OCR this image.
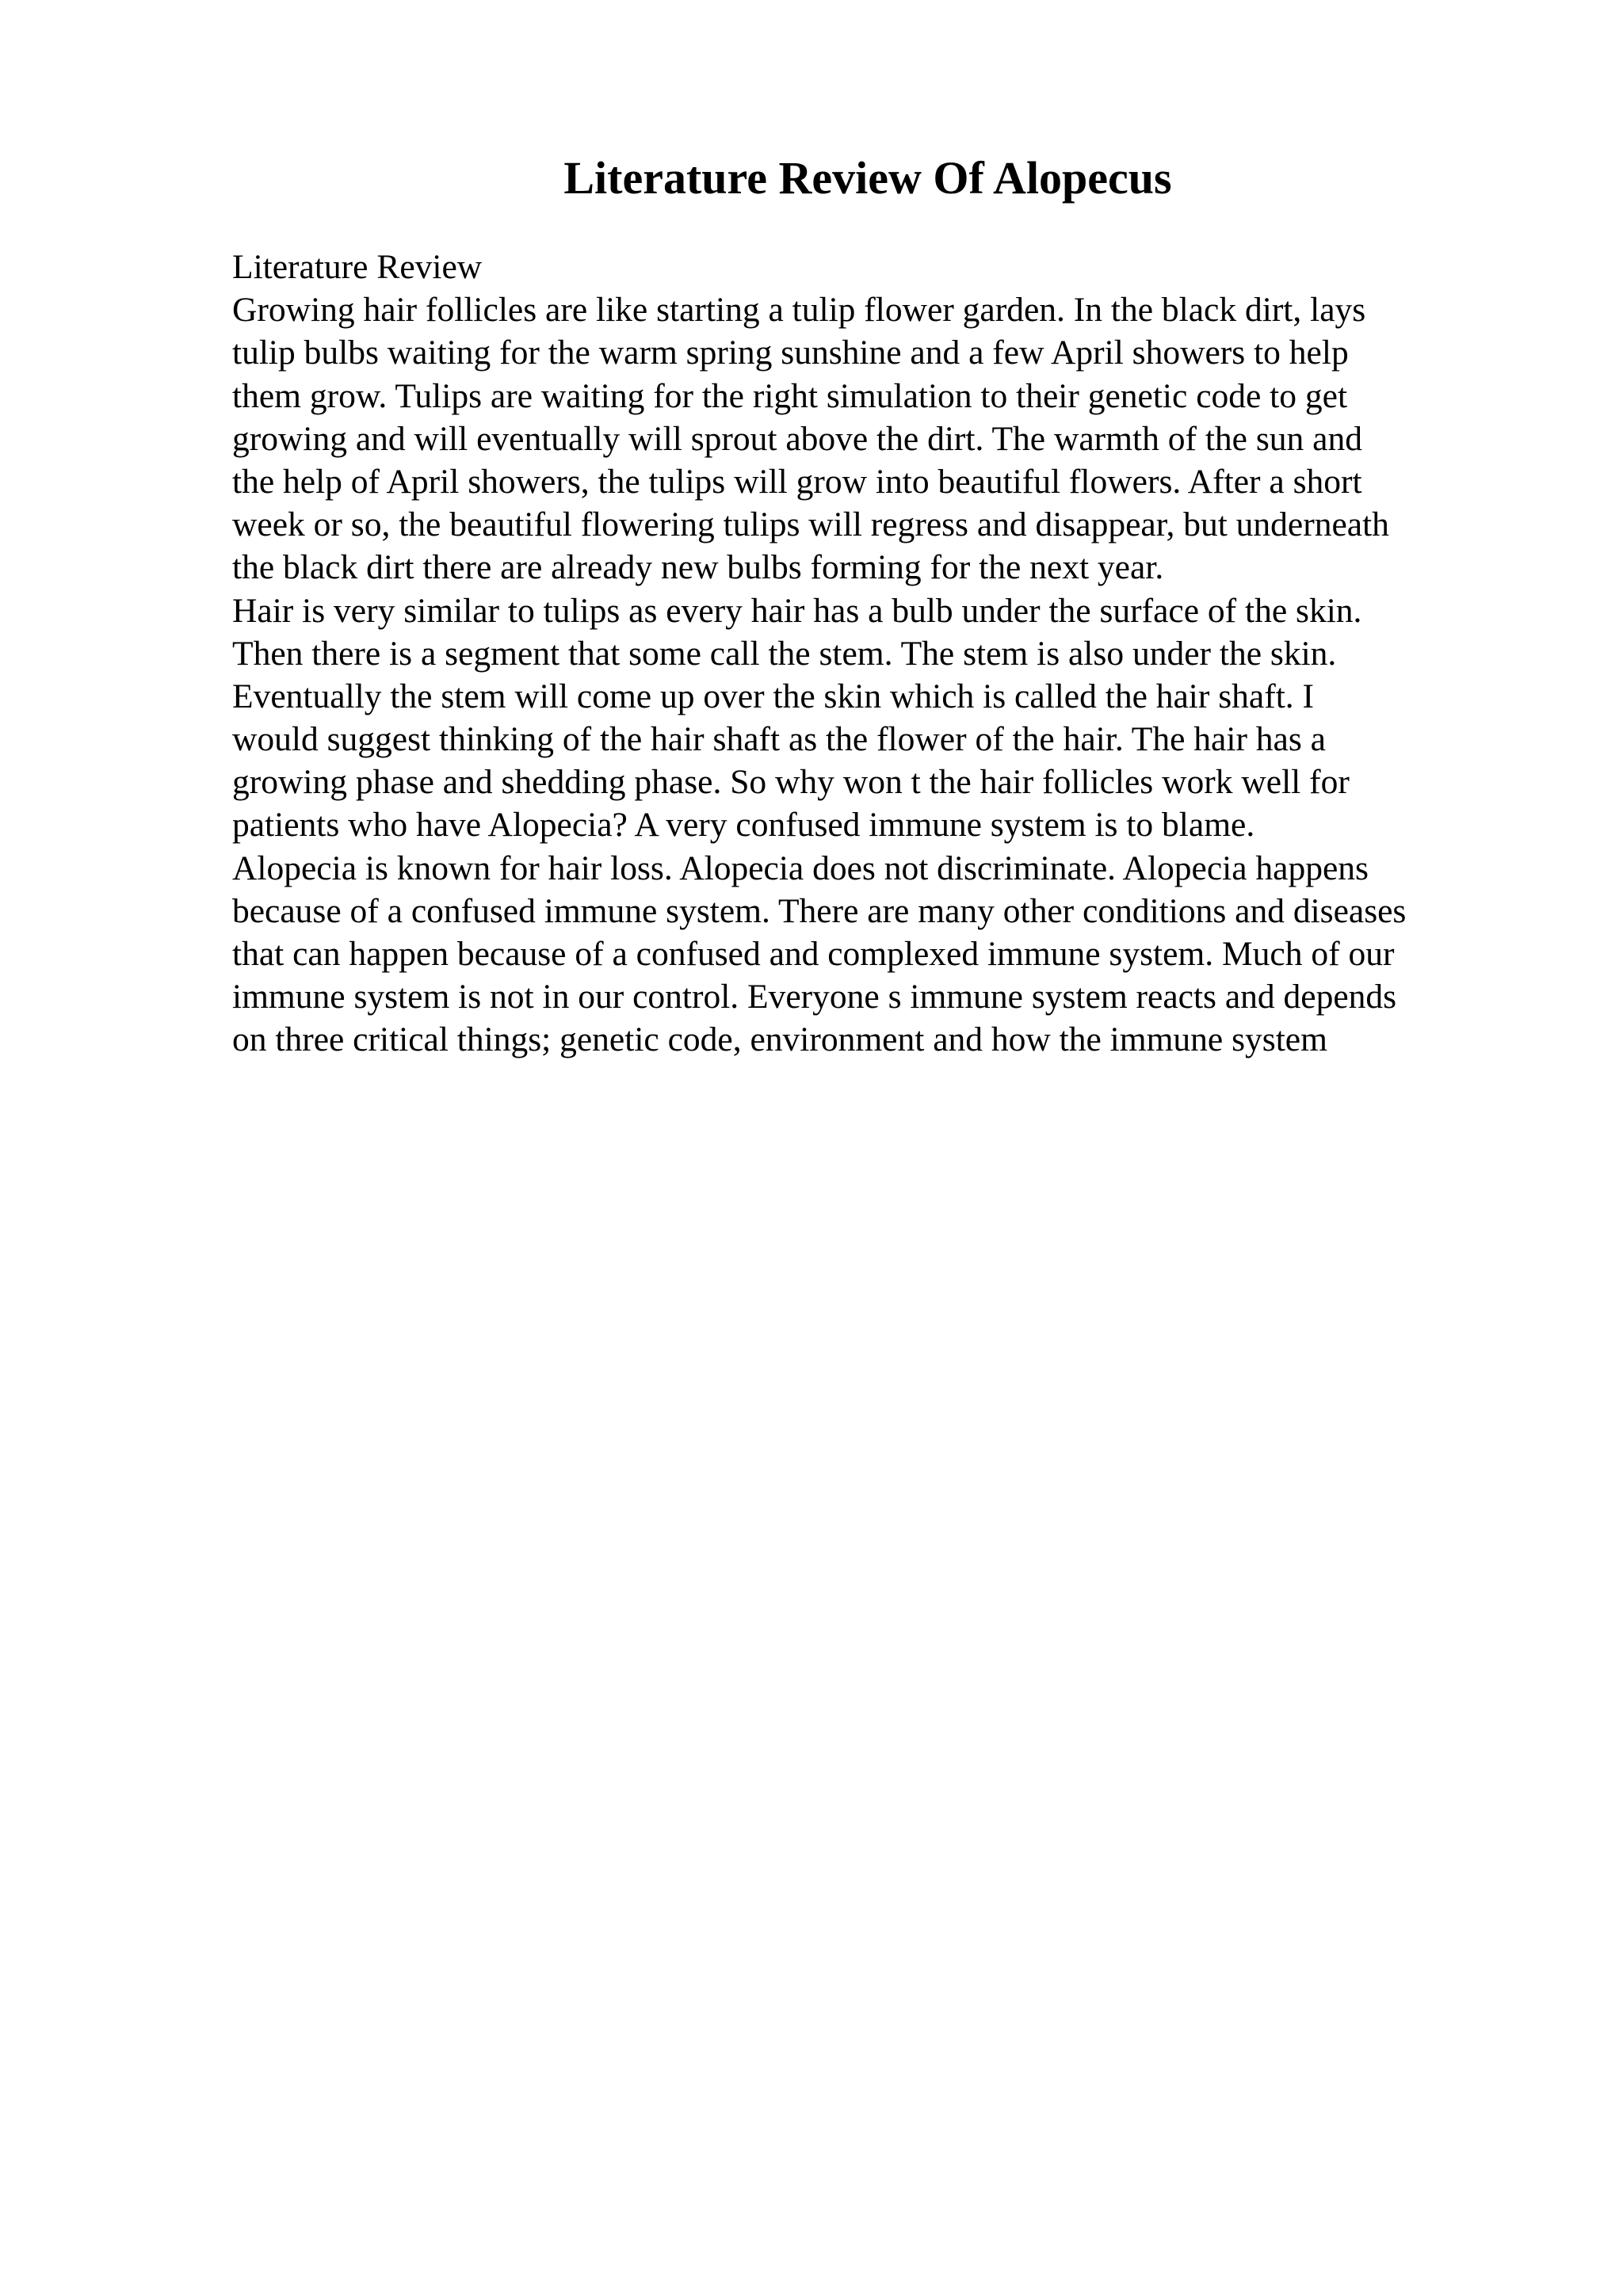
Literature Review Of Alopecus
Literature Review
Growing hair follicles are like starting a tulip flower garden. In the black dirt, lays
tulip bulbs waiting for the warm spring sunshine and a few April showers to help
them grow. Tulips are waiting for the right simulation to their genetic code to get
growing and will eventually will sprout above the dirt. The warmth of the sun and
the help of April showers, the tulips will grow into beautiful flowers. After a short
week or so, the beautiful flowering tulips will regress and disappear, but underneath
the black dirt there are already new bulbs forming for the next year.
Hair is very similar to tulips as every hair has a bulb under the surface of the skin.
Then there is a segment that some call the stem. The stem is also under the skin.
Eventually the stem will come up over the skin which is called the hair shaft. I
would suggest thinking of the hair shaft as the flower of the hair. The hair has a
growing phase and shedding phase. So why won t the hair follicles work well for
patients who have Alopecia? A very confused immune system is to blame.
Alopecia is known for hair loss. Alopecia does not discriminate. Alopecia happens
because of a confused immune system. There are many other conditions and diseases
that can happen because of a confused and complexed immune system. Much of our
immune system is not in our control. Everyone s immune system reacts and depends
on three critical things; genetic code, environment and how the immune system
